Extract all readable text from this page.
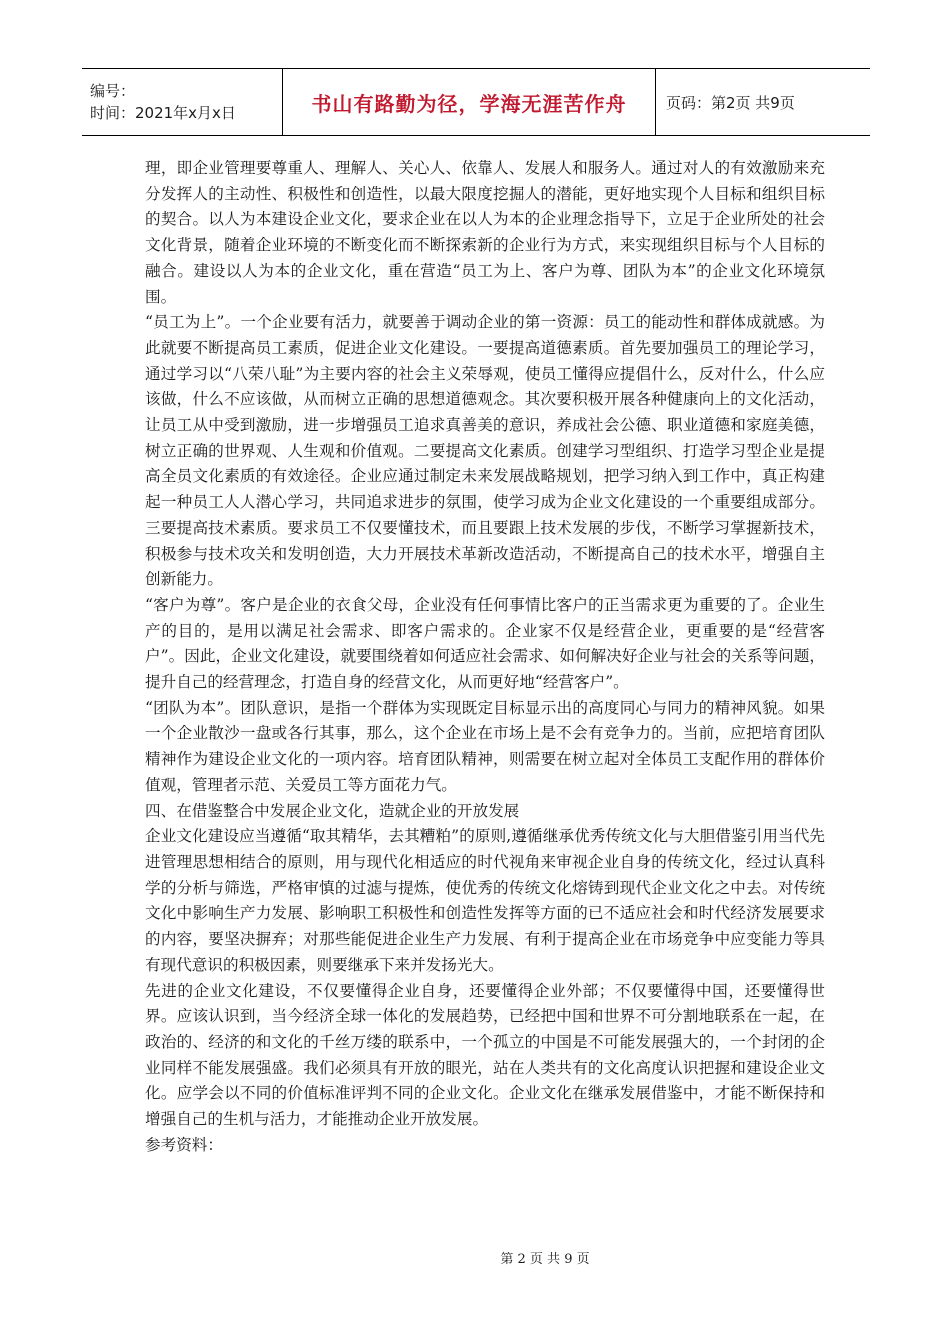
编号：
时间：2021年x月x日	书山有路勤为径，学海无涯苦作舟	页码：第2页 共9页

理，即企业管理要尊重人、理解人、关心人、依靠人、发展人和服务人。通过对人的有效激励来充分发挥人的主动性、积极性和创造性，以最大限度挖掘人的潜能，更好地实现个人目标和组织目标的契合。以人为本建设企业文化，要求企业在以人为本的企业理念指导下，立足于企业所处的社会文化背景，随着企业环境的不断变化而不断探索新的企业行为方式，来实现组织目标与个人目标的融合。建设以人为本的企业文化，重在营造“员工为上、客户为尊、团队为本”的企业文化环境氛围。

“员工为上”。一个企业要有活力，就要善于调动企业的第一资源：员工的能动性和群体成就感。为此就要不断提高员工素质，促进企业文化建设。一要提高道德素质。首先要加强员工的理论学习，通过学习以“八荣八耻”为主要内容的社会主义荣辱观，使员工懂得应提倡什么，反对什么，什么应该做，什么不应该做，从而树立正确的思想道德观念。其次要积极开展各种健康向上的文化活动，让员工从中受到激励，进一步增强员工追求真善美的意识，养成社会公德、职业道德和家庭美德，树立正确的世界观、人生观和价值观。二要提高文化素质。创建学习型组织、打造学习型企业是提高全员文化素质的有效途径。企业应通过制定未来发展战略规划，把学习纳入到工作中，真正构建起一种员工人人潜心学习，共同追求进步的氛围，使学习成为企业文化建设的一个重要组成部分。三要提高技术素质。要求员工不仅要懂技术，而且要跟上技术发展的步伐，不断学习掌握新技术，积极参与技术攻关和发明创造，大力开展技术革新改造活动，不断提高自己的技术水平，增强自主创新能力。

“客户为尊”。客户是企业的衣食父母，企业没有任何事情比客户的正当需求更为重要的了。企业生产的目的，是用以满足社会需求、即客户需求的。企业家不仅是经营企业，更重要的是“经营客户”。因此，企业文化建设，就要围绕着如何适应社会需求、如何解决好企业与社会的关系等问题，提升自己的经营理念，打造自身的经营文化，从而更好地“经营客户”。

“团队为本”。团队意识，是指一个群体为实现既定目标显示出的高度同心与同力的精神风貌。如果一个企业散沙一盘或各行其事，那么，这个企业在市场上是不会有竞争力的。当前，应把培育团队精神作为建设企业文化的一项内容。培育团队精神，则需要在树立起对全体员工支配作用的群体价值观，管理者示范、关爱员工等方面花力气。

四、在借鉴整合中发展企业文化，造就企业的开放发展

企业文化建设应当遵循“取其精华，去其糟粕”的原则,遵循继承优秀传统文化与大胆借鉴引用当代先进管理思想相结合的原则，用与现代化相适应的时代视角来审视企业自身的传统文化，经过认真科学的分析与筛选，严格审慎的过滤与提炼，使优秀的传统文化熔铸到现代企业文化之中去。对传统文化中影响生产力发展、影响职工积极性和创造性发挥等方面的已不适应社会和时代经济发展要求的内容，要坚决摒弃；对那些能促进企业生产力发展、有利于提高企业在市场竞争中应变能力等具有现代意识的积极因素，则要继承下来并发扬光大。

先进的企业文化建设，不仅要懂得企业自身，还要懂得企业外部；不仅要懂得中国，还要懂得世界。应该认识到，当今经济全球一体化的发展趋势，已经把中国和世界不可分割地联系在一起，在政治的、经济的和文化的千丝万缕的联系中，一个孤立的中国是不可能发展强大的，一个封闭的企业同样不能发展强盛。我们必须具有开放的眼光，站在人类共有的文化高度认识把握和建设企业文化。应学会以不同的价值标准评判不同的企业文化。企业文化在继承发展借鉴中，才能不断保持和增强自己的生机与活力，才能推动企业开放发展。

参考资料：

第 2 页 共 9 页
